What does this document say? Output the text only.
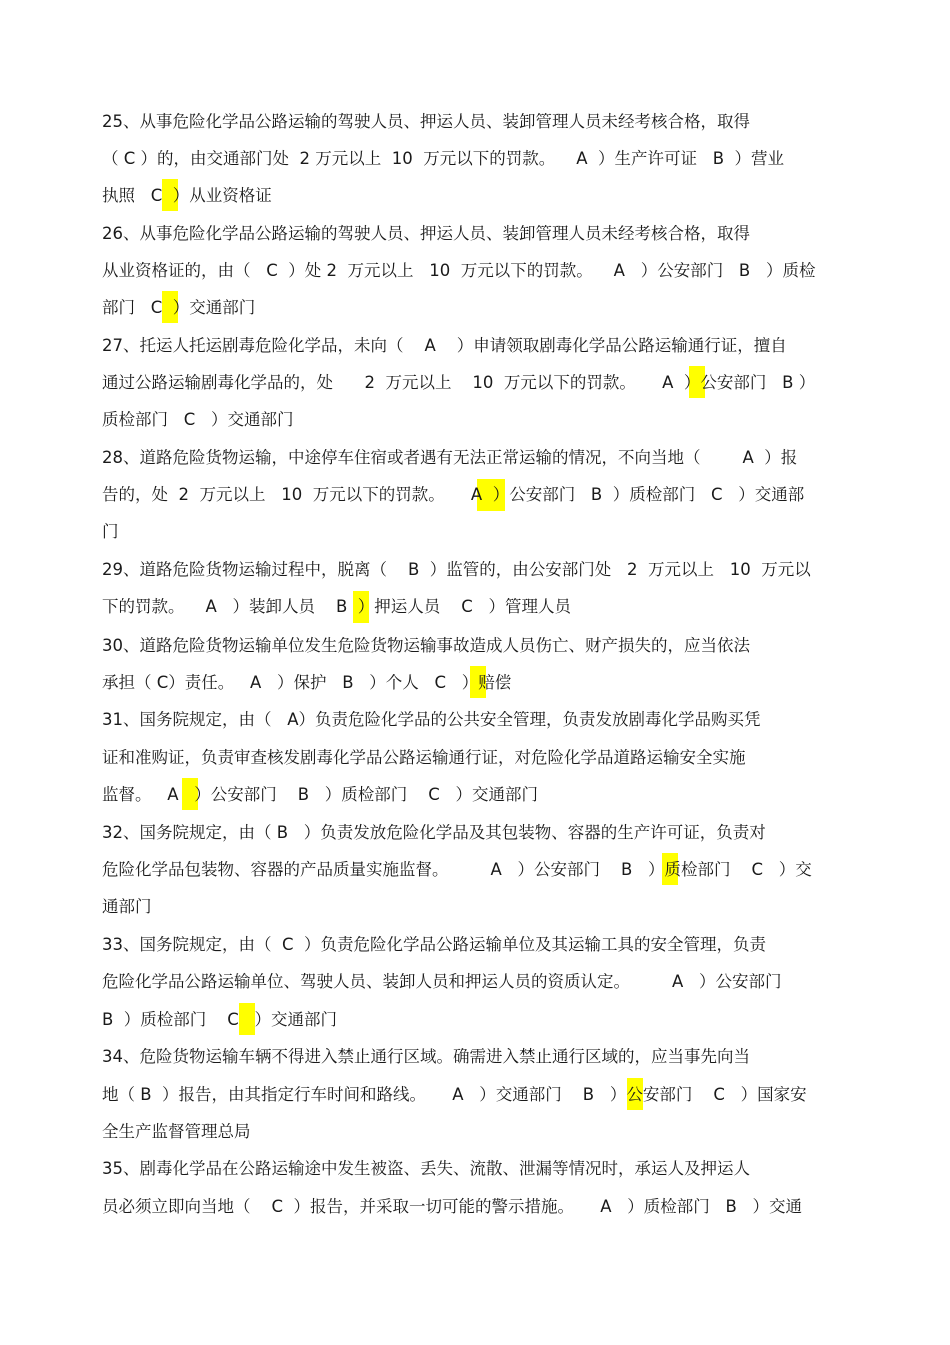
25、从事危险化学品公路运输的驾驶人员、押运人员、装卸管理人员未经考核合格，取得
（ C ）的，由交通部门处  2 万元以上  10  万元以下的罚款。    A  ）生产许可证   B  ）营业
执照   C  ）从业资格证
26、从事危险化学品公路运输的驾驶人员、押运人员、装卸管理人员未经考核合格，取得
从业资格证的，由（   C  ）处 2  万元以上   10  万元以下的罚款。    A   ）公安部门   B   ）质检
部门   C  ）交通部门
27、托运人托运剧毒危险化学品，未向（    A    ）申请领取剧毒化学品公路运输通行证，擅自
通过公路运输剧毒化学品的，处      2  万元以上    10  万元以下的罚款。     A  ）公安部门   B ）
质检部门   C   ）交通部门
28、道路危险货物运输，中途停车住宿或者遇有无法正常运输的情况，不向当地（        A  ）报
告的，处  2  万元以上   10  万元以下的罚款。     A  ）公安部门   B  ）质检部门   C   ）交通部
门
29、道路危险货物运输过程中，脱离（    B  ）监管的，由公安部门处   2  万元以上   10  万元以
下的罚款。    A   ）装卸人员    B  ）押运人员    C   ）管理人员
30、道路危险货物运输单位发生危险货物运输事故造成人员伤亡、财产损失的，应当依法
承担（ C）责任。   A   ）保护   B   ）个人   C   ）赔偿
31、国务院规定，由（   A）负责危险化学品的公共安全管理，负责发放剧毒化学品购买凭
证和准购证，负责审查核发剧毒化学品公路运输通行证，对危险化学品道路运输安全实施
监督。   A   ）公安部门    B   ）质检部门    C   ）交通部门
32、国务院规定，由（ B   ）负责发放危险化学品及其包装物、容器的生产许可证，负责对
危险化学品包装物、容器的产品质量实施监督。        A   ）公安部门    B   ）质检部门    C   ）交
通部门
33、国务院规定，由（  C  ）负责危险化学品公路运输单位及其运输工具的安全管理，负责
危险化学品公路运输单位、驾驶人员、装卸人员和押运人员的资质认定。        A   ）公安部门
B  ）质检部门    C   ）交通部门
34、危险货物运输车辆不得进入禁止通行区域。确需进入禁止通行区域的，应当事先向当
地（ B  ）报告，由其指定行车时间和路线。     A   ）交通部门    B   ）公安部门    C   ）国家安
全生产监督管理总局
35、剧毒化学品在公路运输途中发生被盗、丢失、流散、泄漏等情况时，承运人及押运人
员必须立即向当地（    C  ）报告，并采取一切可能的警示措施。     A   ）质检部门   B   ）交通
